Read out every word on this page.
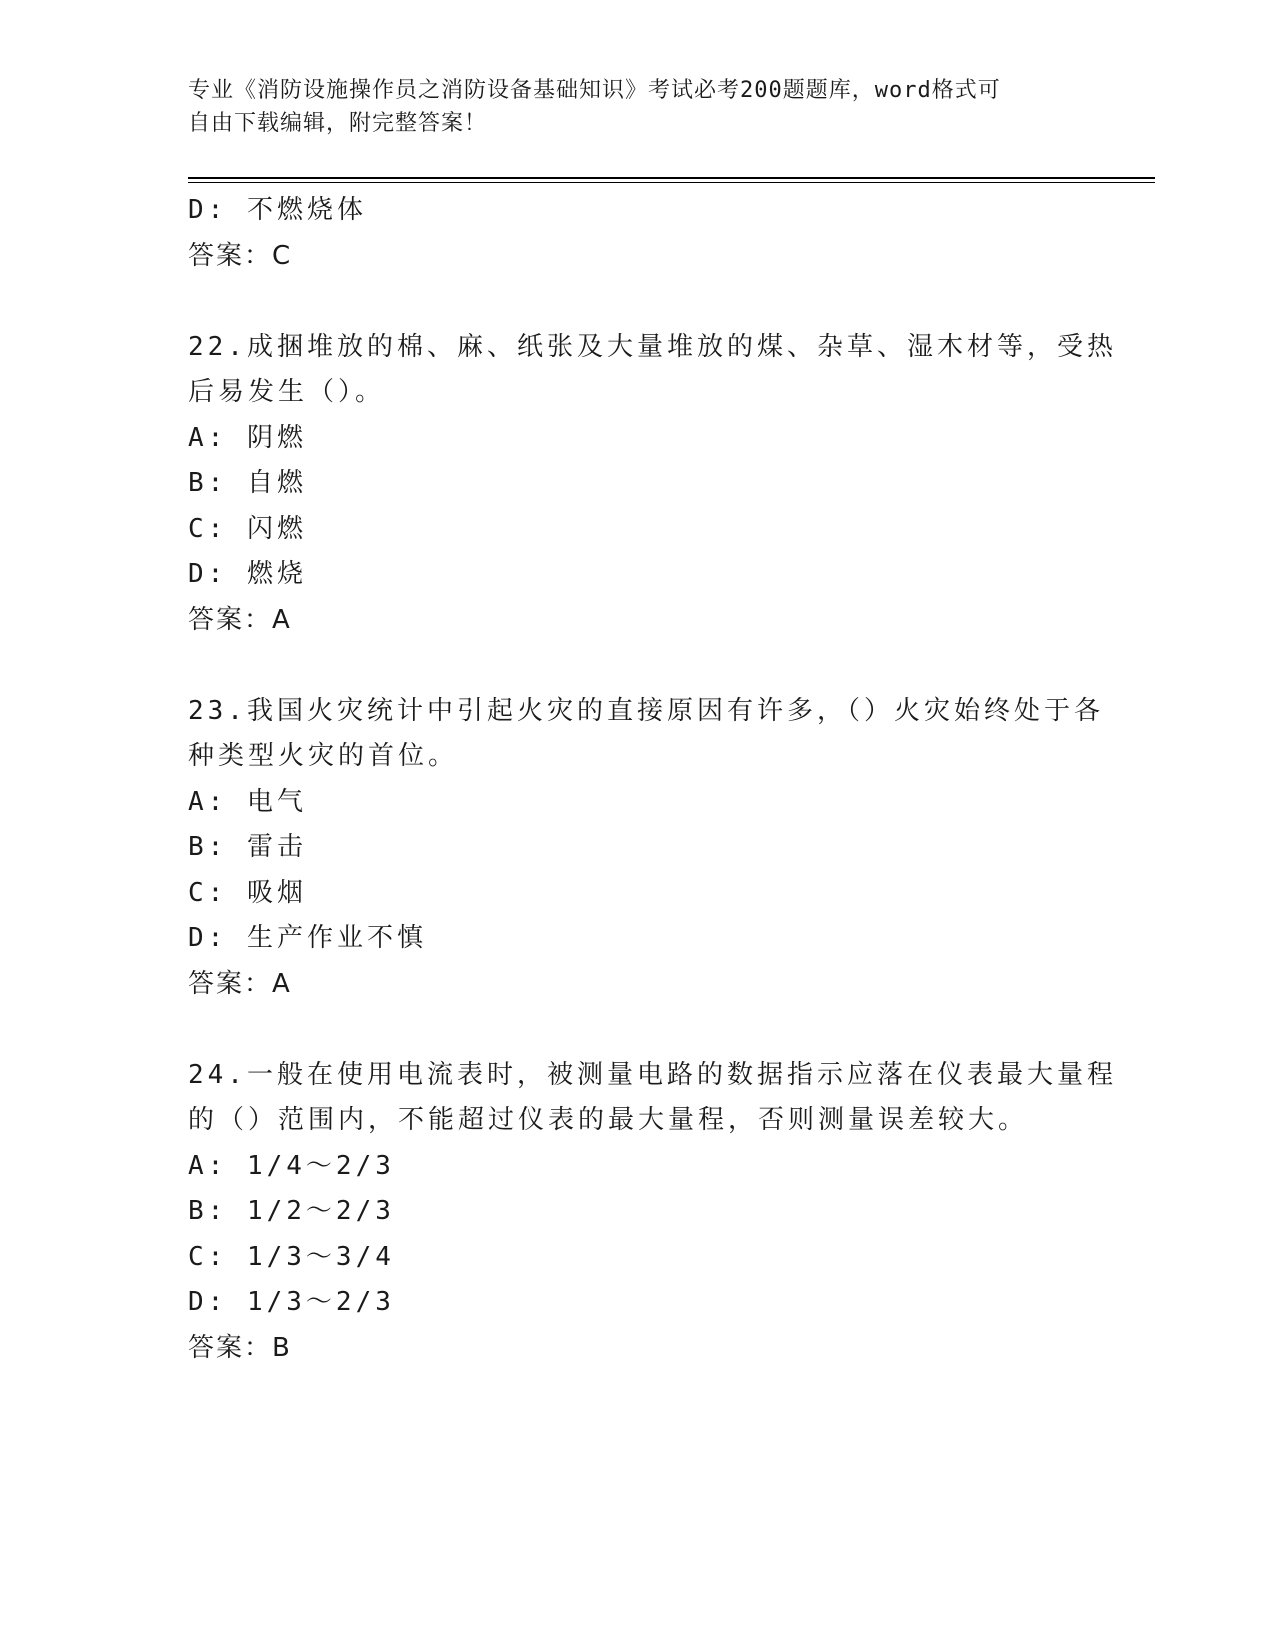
专业《消防设施操作员之消防设备基础知识》考试必考200题题库，word格式可
自由下载编辑，附完整答案！
D: 不燃烧体
答案：C
22.成捆堆放的棉、麻、纸张及大量堆放的煤、杂草、湿木材等，受热
后易发生（）。
A: 阴燃
B: 自燃
C: 闪燃
D: 燃烧
答案：A
23.我国火灾统计中引起火灾的直接原因有许多，（）火灾始终处于各
种类型火灾的首位。
A: 电气
B: 雷击
C: 吸烟
D: 生产作业不慎
答案：A
24.一般在使用电流表时，被测量电路的数据指示应落在仪表最大量程
的（）范围内，不能超过仪表的最大量程，否则测量误差较大。
A: 1/4～2/3
B: 1/2～2/3
C: 1/3～3/4
D: 1/3～2/3
答案：B
